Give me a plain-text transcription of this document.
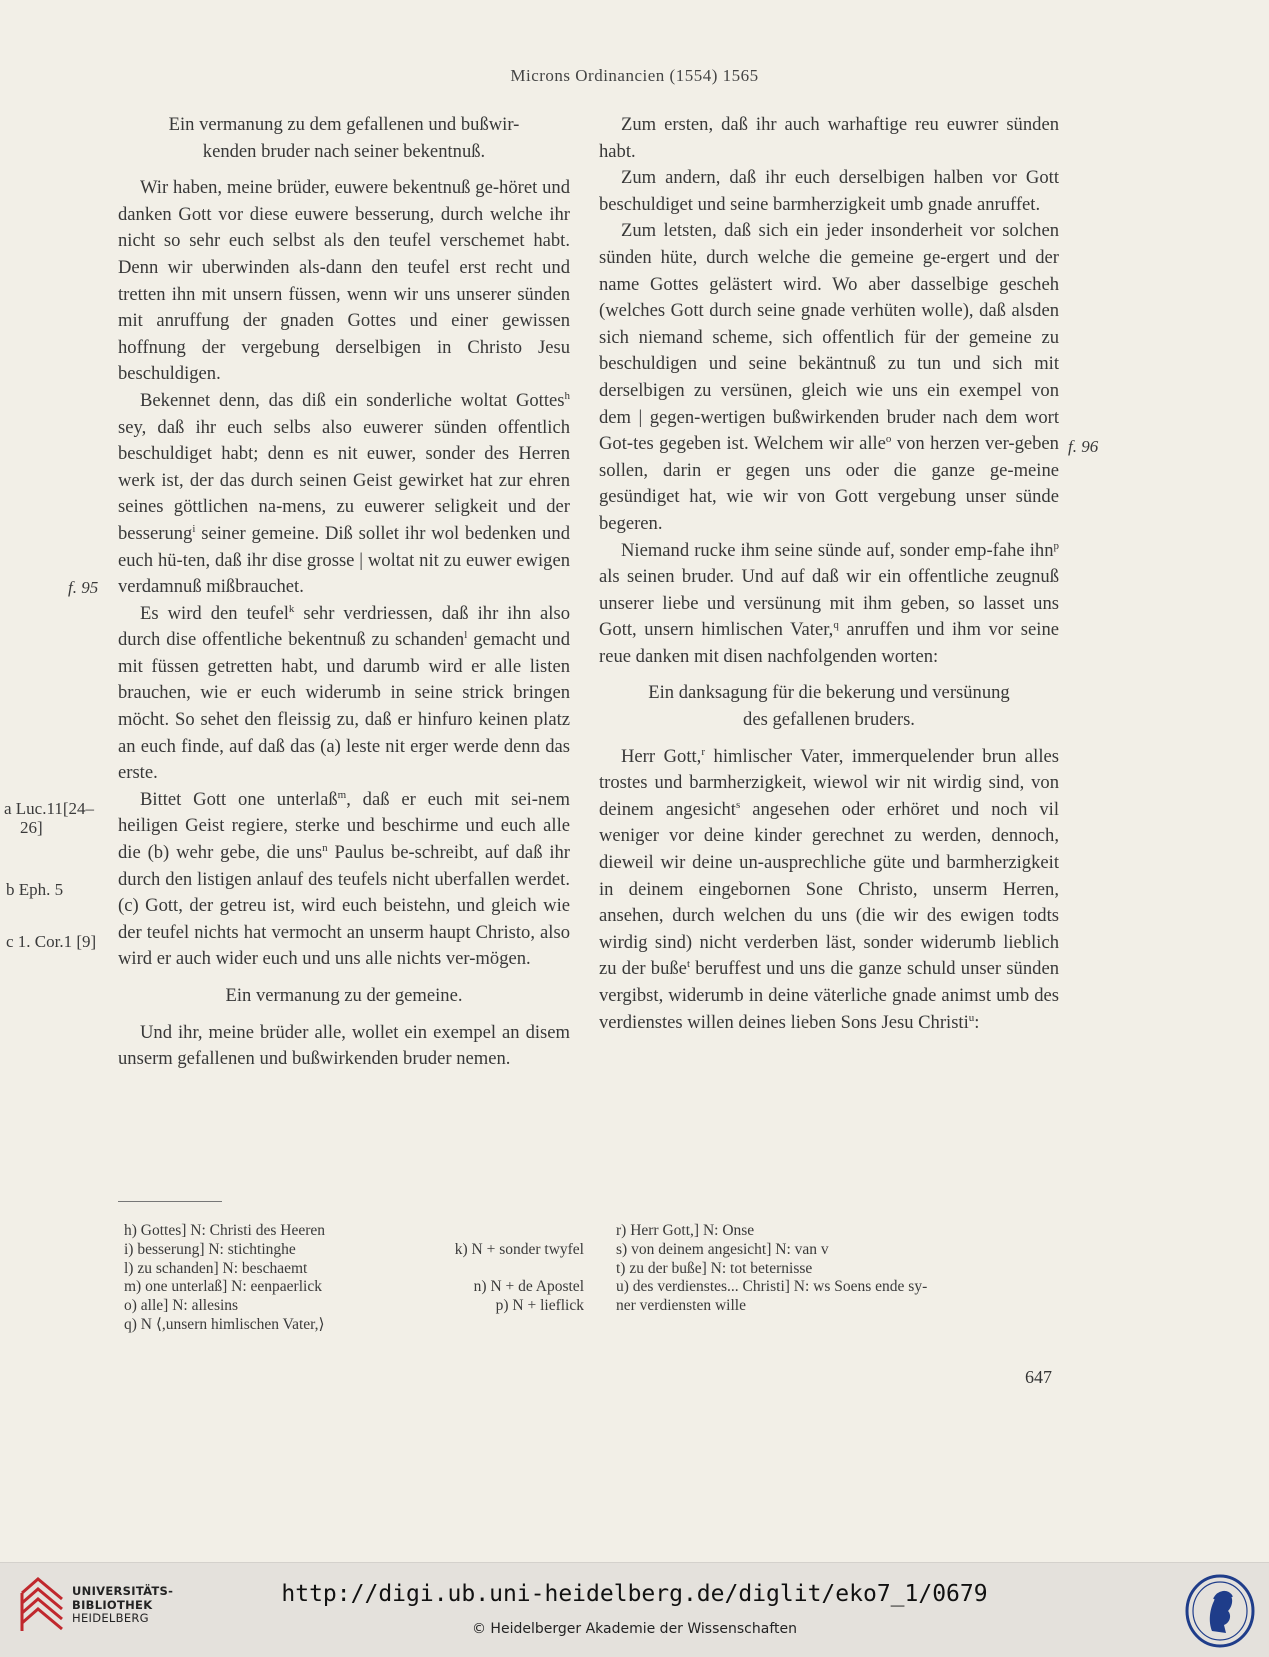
Microns Ordinancien (1554) 1565

Ein vermanung zu dem gefallenen und bußwir-
kenden bruder nach seiner bekentnuß.

Wir haben, meine brüder, euwere bekentnuß ge-höret und danken Gott vor diese euwere besserung, durch welche ihr nicht so sehr euch selbst als den teufel verschemet habt. Denn wir uberwinden als-dann den teufel erst recht und tretten ihn mit unsern füssen, wenn wir uns unserer sünden mit anruffung der gnaden Gottes und einer gewissen hoffnung der vergebung derselbigen in Christo Jesu beschuldigen.

Bekennet denn, das diß ein sonderliche woltat Gottes$^h$ sey, daß ihr euch selbs also euwerer sünden offentlich beschuldiget habt; denn es nit euwer, sonder des Herren werk ist, der das durch seinen Geist gewirket hat zur ehren seines göttlichen na-mens, zu euwerer seligkeit und der besserung$^i$ seiner gemeine. Diß sollet ihr wol bedenken und euch hü-ten, daß ihr dise grosse | woltat nit zu euwer ewigen verdamnuß mißbrauchet.

Es wird den teufel$^k$ sehr verdriessen, daß ihr ihn also durch dise offentliche bekentnuß zu schanden$^l$ gemacht und mit füssen getretten habt, und darumb wird er alle listen brauchen, wie er euch widerumb in seine strick bringen möcht. So sehet den fleissig zu, daß er hinfuro keinen platz an euch finde, auf daß das (a) leste nit erger werde denn das erste.

Bittet Gott one unterlaß$^m$, daß er euch mit sei-nem heiligen Geist regiere, sterke und beschirme und euch alle die (b) wehr gebe, die uns$^n$ Paulus be-schreibt, auf daß ihr durch den listigen anlauf des teufels nicht uberfallen werdet. (c) Gott, der getreu ist, wird euch beistehn, und gleich wie der teufel nichts hat vermocht an unserm haupt Christo, also wird er auch wider euch und uns alle nichts ver-mögen.

Ein vermanung zu der gemeine.

Und ihr, meine brüder alle, wollet ein exempel an disem unserm gefallenen und bußwirkenden bruder nemen.

Zum ersten, daß ihr auch warhaftige reu euwrer sünden habt.

Zum andern, daß ihr euch derselbigen halben vor Gott beschuldiget und seine barmherzigkeit umb gnade anruffet.

Zum letsten, daß sich ein jeder insonderheit vor solchen sünden hüte, durch welche die gemeine ge-ergert und der name Gottes gelästert wird. Wo aber dasselbige gescheh (welches Gott durch seine gnade verhüten wolle), daß alsden sich niemand scheme, sich offentlich für der gemeine zu beschuldigen und seine bekäntnuß zu tun und sich mit derselbigen zu versünen, gleich wie uns ein exempel von dem | gegen-wertigen bußwirkenden bruder nach dem wort Got-tes gegeben ist. Welchem wir alle$^o$ von herzen ver-geben sollen, darin er gegen uns oder die ganze ge-meine gesündiget hat, wie wir von Gott vergebung unser sünde begeren.

Niemand rucke ihm seine sünde auf, sonder emp-fahe ihn$^p$ als seinen bruder. Und auf daß wir ein offentliche zeugnuß unserer liebe und versünung mit ihm geben, so lasset uns Gott, unsern himlischen Vater,$^q$ anruffen und ihm vor seine reue danken mit disen nachfolgenden worten:

Ein danksagung für die bekerung und versünung
des gefallenen bruders.

Herr Gott,$^r$ himlischer Vater, immerquelender brun alles trostes und barmherzigkeit, wiewol wir nit wirdig sind, von deinem angesicht$^s$ angesehen oder erhöret und noch vil weniger vor deine kinder gerechnet zu werden, dennoch, dieweil wir deine un-ausprechliche güte und barmherzigkeit in deinem eingebornen Sone Christo, unserm Herren, ansehen, durch welchen du uns (die wir des ewigen todts wirdig sind) nicht verderben läst, sonder widerumb lieblich zu der buße$^t$ beruffest und uns die ganze schuld unser sünden vergibst, widerumb in deine väterliche gnade animst umb des verdienstes willen deines lieben Sons Jesu Christi$^u$:

f. 95
f. 96
a Luc.11[24–
26]
b Eph. 5
c 1. Cor.1 [9]
h) Gottes] N: Christi des Heeren
i) besserung] N: stichtinghe	k) N + sonder twyfel
l) zu schanden] N: beschaemt
m) one unterlaß] N: eenpaerlick	n) N + de Apostel
o) alle] N: allesins	p) N + lieflick
q) N ⟨,unsern himlischen Vater,⟩
r) Herr Gott,] N: Onse
s) von deinem angesicht] N: van v
t) zu der buße] N: tot beternisse
u) des verdienstes... Christi] N: ws Soens ende sy-
ner verdiensten wille
647
UNIVERSITÄTS-
BIBLIOTHEK
HEIDELBERG
http://digi.ub.uni-heidelberg.de/diglit/eko7_1/0679
© Heidelberger Akademie der Wissenschaften
